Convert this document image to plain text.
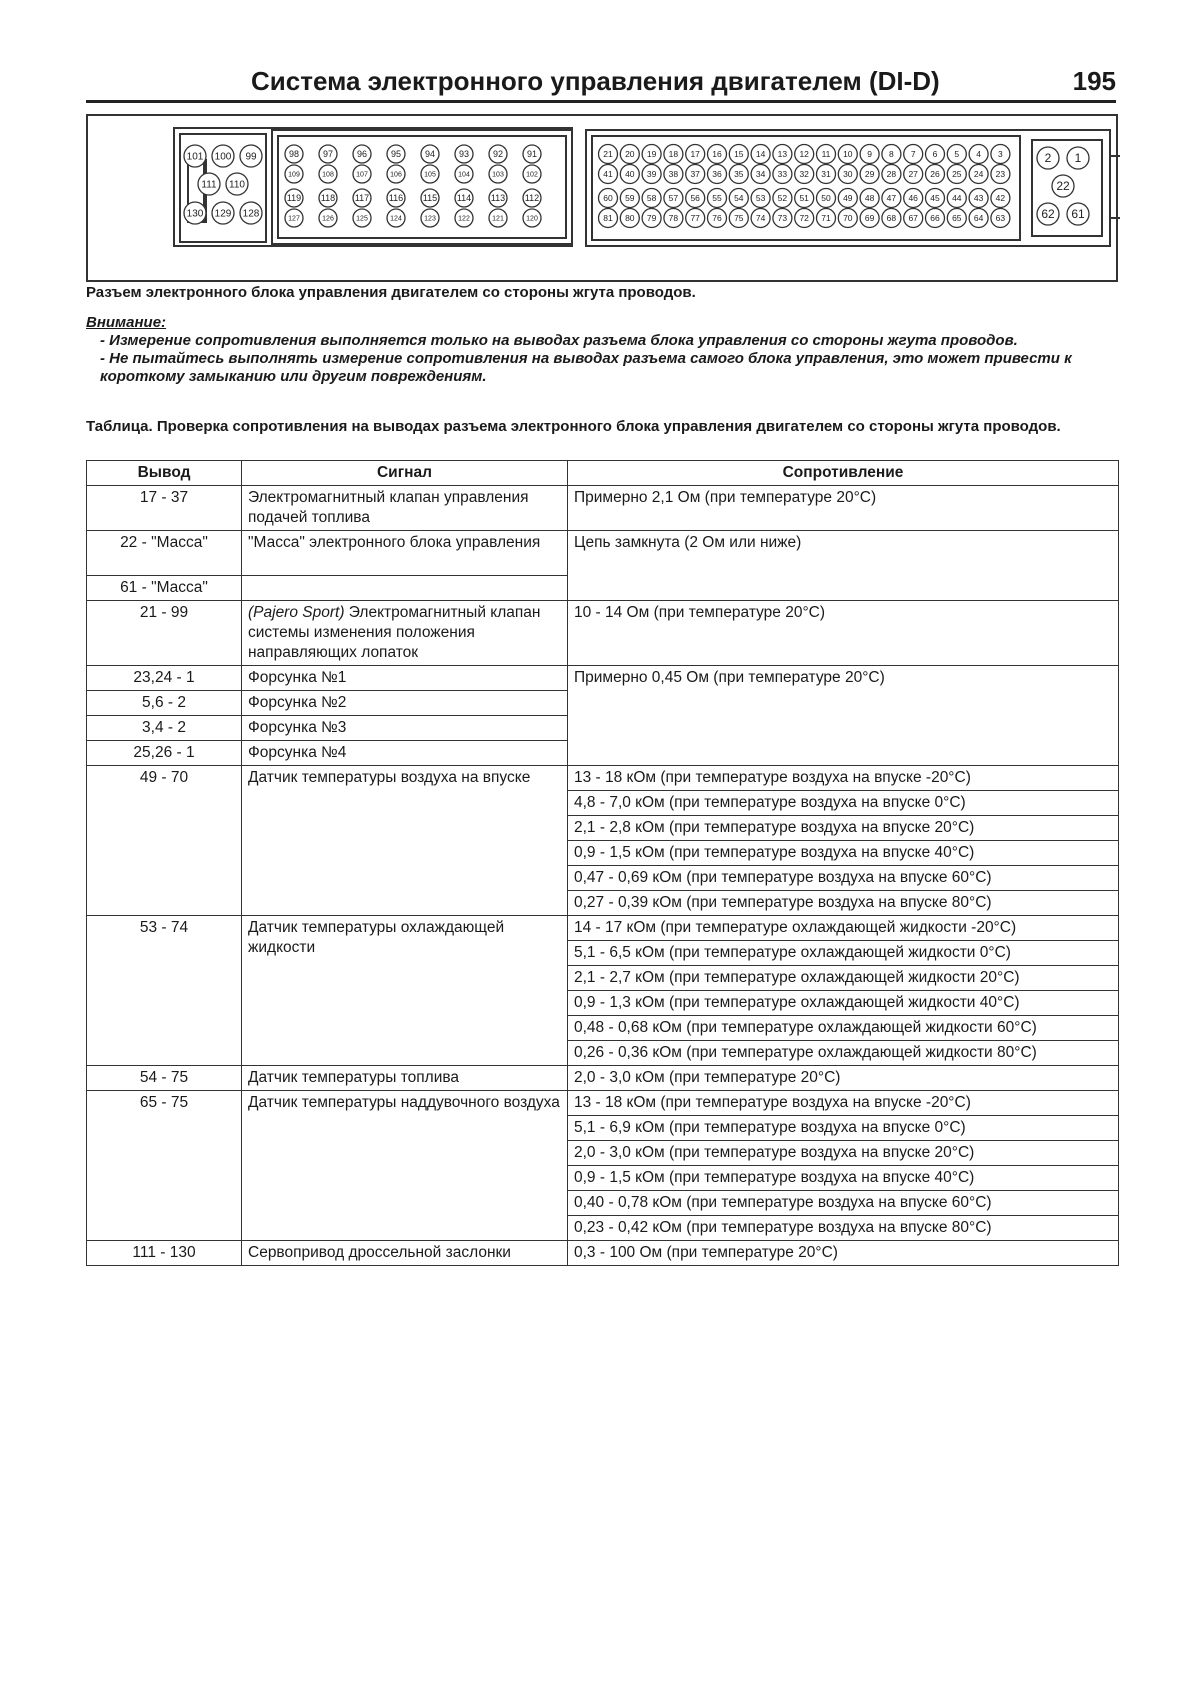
Система электронного управления двигателем (DI-D)	195
101 100 99
111 110
130 129 128
98	97	96	95	94	93	92	91
109	108	107	106	105	104	103	102
119 118 117 116 115 114 113 112
127	126	125	124	123	122	121	120
21 20 19 18 17 16 15 14 13 12 11 10 9 8 7 6 5 4 3
41 40 39 38 37 36 35 34 33 32 31 30 29 28 27 26 25 24 23
60 59 58 57 56 55 54 53 52 51 50 49 48 47 46 45 44 43 42
81 80 79 78 77 76 75 74 73 72 71 70 69 68 67 66 65 64 63
2 1
22
62 61
Разъем электронного блока управления двигателем со стороны жгута проводов.
Внимание:

- Измерение сопротивления выполняется только на выводах разъема блока управления со стороны жгута проводов.

- Не пытайтесь выполнять измерение сопротивления на выводах разъема самого блока управления, это может привести к короткому замыканию или другим повреждениям.

Таблица. Проверка сопротивления на выводах разъема электронного блока управления двигателем со стороны жгута проводов.
Вывод	Сигнал	Сопротивление
17 - 37	Электромагнитный клапан управления подачей топлива	Примерно 2,1 Ом (при температуре 20°С)
22 - "Масса"	"Масса" электронного блока управления	Цепь замкнута (2 Ом или ниже)
61 - "Масса"		
21 - 99	(Pajero Sport) Электромагнитный клапан системы изменения положения направляющих лопаток	10 - 14 Ом (при температуре 20°С)
23,24 - 1	Форсунка №1	Примерно 0,45 Ом (при температуре 20°С)
5,6 - 2	Форсунка №2	
3,4 - 2	Форсунка №3	
25,26 - 1	Форсунка №4	
49 - 70	Датчик температуры воздуха на впуске	13 - 18 кОм (при температуре воздуха на впуске -20°С)
		4,8 - 7,0 кОм (при температуре воздуха на впуске 0°С)
		2,1 - 2,8 кОм (при температуре воздуха на впуске 20°С)
		0,9 - 1,5 кОм (при температуре воздуха на впуске 40°С)
		0,47 - 0,69 кОм (при температуре воздуха на впуске 60°С)
		0,27 - 0,39 кОм (при температуре воздуха на впуске 80°С)
53 - 74	Датчик температуры охлаждающей жидкости	14 - 17 кОм (при температуре охлаждающей жидкости -20°С)
		5,1 - 6,5 кОм (при температуре охлаждающей жидкости 0°С)
		2,1 - 2,7 кОм (при температуре охлаждающей жидкости 20°С)
		0,9 - 1,3 кОм (при температуре охлаждающей жидкости 40°С)
		0,48 - 0,68 кОм (при температуре охлаждающей жидкости 60°С)
		0,26 - 0,36 кОм (при температуре охлаждающей жидкости 80°С)
54 - 75	Датчик температуры топлива	2,0 - 3,0 кОм (при температуре 20°С)
65 - 75	Датчик температуры наддувочного воздуха	13 - 18 кОм (при температуре воздуха на впуске -20°С)
		5,1 - 6,9 кОм (при температуре воздуха на впуске 0°С)
		2,0 - 3,0 кОм (при температуре воздуха на впуске 20°С)
		0,9 - 1,5 кОм (при температуре воздуха на впуске 40°С)
		0,40 - 0,78 кОм (при температуре воздуха на впуске 60°С)
		0,23 - 0,42 кОм (при температуре воздуха на впуске 80°С)
111 - 130	Сервопривод дроссельной заслонки	0,3 - 100 Ом (при температуре 20°С)
